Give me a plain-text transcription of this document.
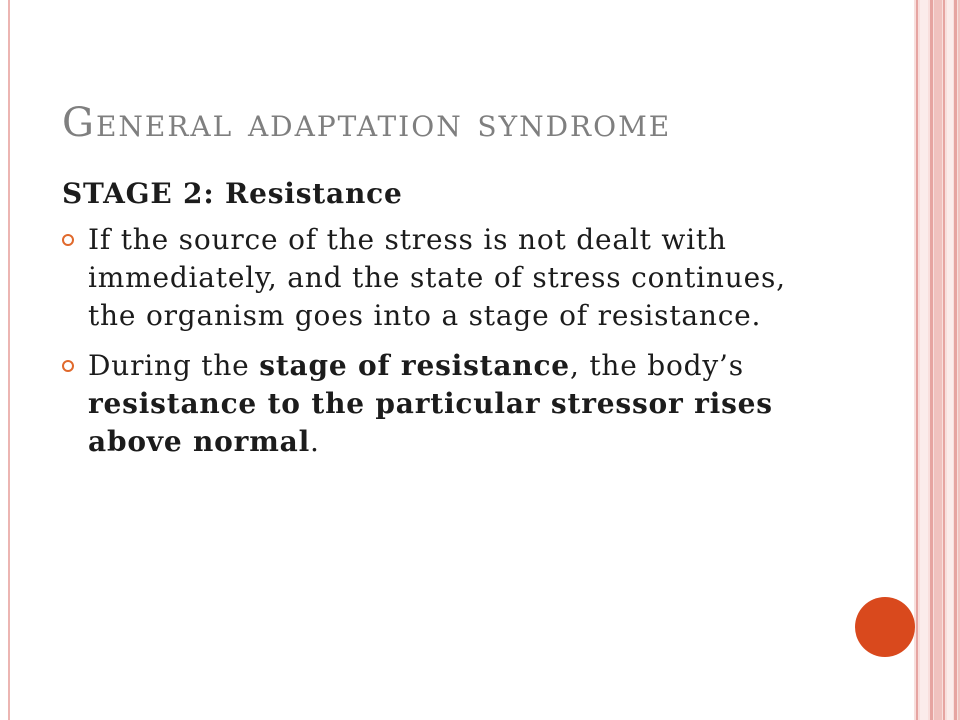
General adaptation syndrome
STAGE 2: Resistance
If the source of the stress is not dealt with
immediately, and the state of stress continues,
the organism goes into a stage of resistance.
During the stage of resistance, the body’s
resistance to the particular stressor rises
above normal.
